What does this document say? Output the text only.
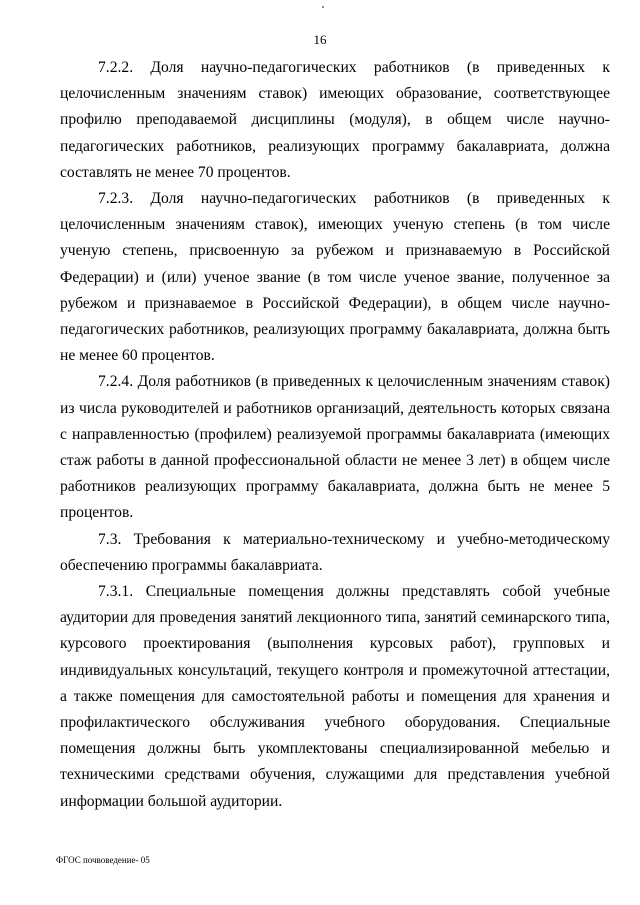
16

7.2.2. Доля научно-педагогических работников (в приведенных к целочисленным значениям ставок) имеющих образование, соответствующее профилю преподаваемой дисциплины (модуля), в общем числе научно-педагогических работников, реализующих программу бакалавриата, должна составлять не менее 70 процентов.

7.2.3. Доля научно-педагогических работников (в приведенных к целочисленным значениям ставок), имеющих ученую степень (в том числе ученую степень, присвоенную за рубежом и признаваемую в Российской Федерации) и (или) ученое звание (в том числе ученое звание, полученное за рубежом и признаваемое в Российской Федерации), в общем числе научно-педагогических работников, реализующих программу бакалавриата, должна быть не менее 60 процентов.

7.2.4. Доля работников (в приведенных к целочисленным значениям ставок) из числа руководителей и работников организаций, деятельность которых связана с направленностью (профилем) реализуемой программы бакалавриата (имеющих стаж работы в данной профессиональной области не менее 3 лет) в общем числе работников реализующих программу бакалавриата, должна быть не менее 5 процентов.

7.3. Требования к материально-техническому и учебно-методическому обеспечению программы бакалавриата.

7.3.1. Специальные помещения должны представлять собой учебные аудитории для проведения занятий лекционного типа, занятий семинарского типа, курсового проектирования (выполнения курсовых работ), групповых и индивидуальных консультаций, текущего контроля и промежуточной аттестации, а также помещения для самостоятельной работы и помещения для хранения и профилактического обслуживания учебного оборудования. Специальные помещения должны быть укомплектованы специализированной мебелью и техническими средствами обучения, служащими для представления учебной информации большой аудитории.

ФГОС почвоведение- 05
